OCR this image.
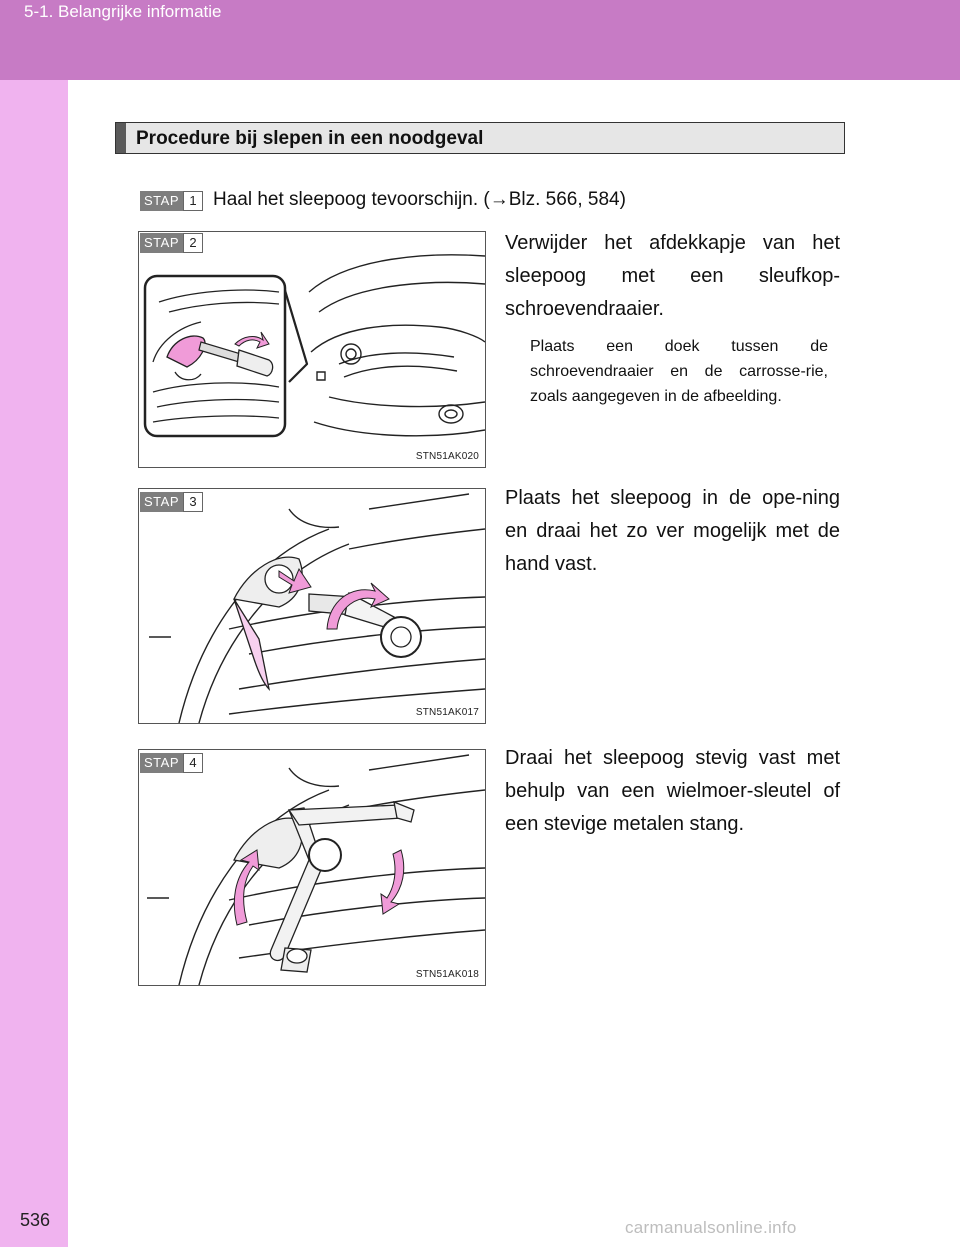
5-1. Belangrijke informatie
536	carmanualsonline.info
Procedure bij slepen in een noodgeval
STAP 1 Haal het sleepoog tevoorschijn. (→Blz. 566, 584)
STN51AK020
STAP 2	Verwijder het afdekkapje van het sleepoog met een sleufkop-schroevendraaier.
Plaats een doek tussen de schroevendraaier en de carrosse-rie, zoals aangegeven in de afbeelding.
STN51AK017
STAP 3	Plaats het sleepoog in de ope-ning en draai het zo ver mogelijk met de hand vast.
STN51AK018
STAP 4	Draai het sleepoog stevig vast met behulp van een wielmoer-sleutel of een stevige metalen stang.
